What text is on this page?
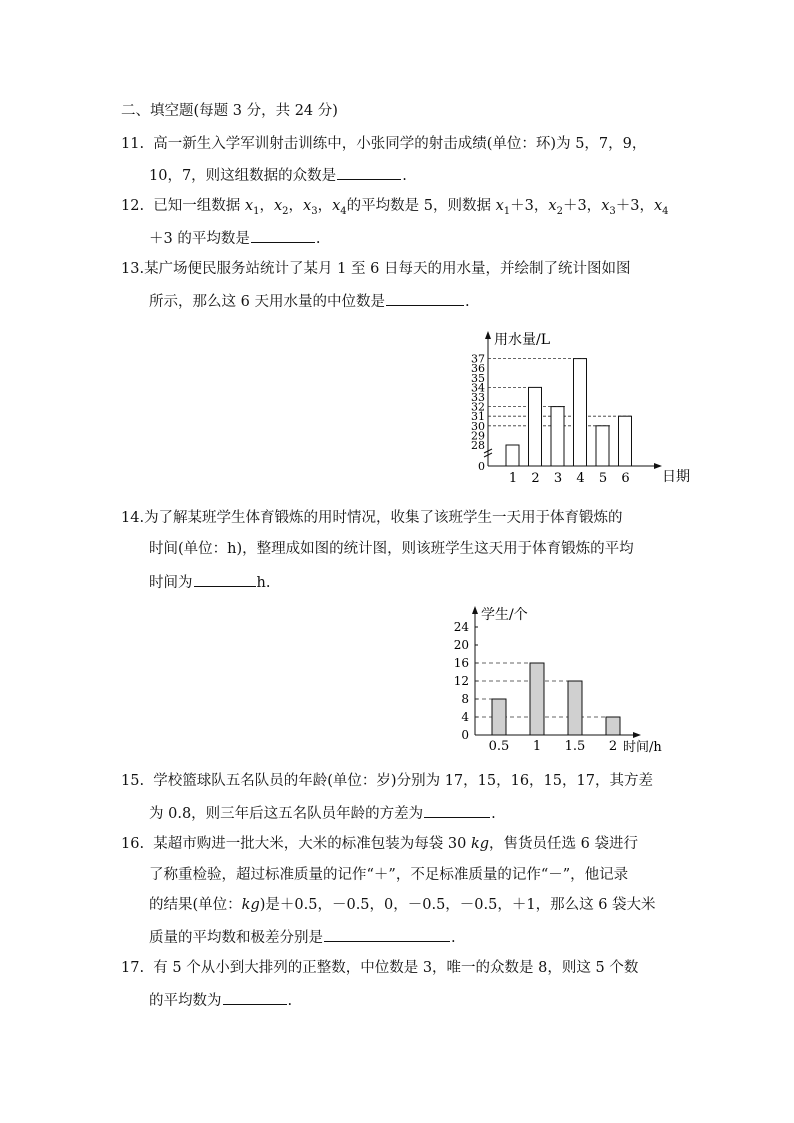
二、填空题(每题 3 分，共 24 分)
11. 高一新生入学军训射击训练中，小张同学的射击成绩(单位：环)为 5，7，9，
10，7，则这组数据的众数是	.
12. 已知一组数据 $x_1$，$x_2$，$x_3$，$x_4$的平均数是 5，则数据 $x_1+3$，$x_2+3$，$x_3+3$，$x_4$
＋3 的平均数是	.
13.某广场便民服务站统计了某月 1 至 6 日每天的用水量，并绘制了统计图如图
所示，那么这 6 天用水量的中位数是	.
用水量/L
日期
0
28
29
30
31
32
33
34
35
36
37
1 2 3 4 5 6
14.为了解某班学生体育锻炼的用时情况，收集了该班学生一天用于体育锻炼的
时间(单位：h)，整理成如图的统计图，则该班学生这天用于体育锻炼的平均
时间为	h.
学生/个
时间/h
0
4
8
12
16
20
24
0.5 1 1.5 2
15. 学校篮球队五名队员的年龄(单位：岁)分别为 17，15，16，15，17，其方差
为 0.8，则三年后这五名队员年龄的方差为	.
16. 某超市购进一批大米，大米的标准包装为每袋 30 kg，售货员任选 6 袋进行
了称重检验，超过标准质量的记作“＋”，不足标准质量的记作“－”，他记录
的结果(单位：kg)是＋0.5，－0.5，0，－0.5，－0.5，＋1，那么这 6 袋大米
质量的平均数和极差分别是	.
17. 有 5 个从小到大排列的正整数，中位数是 3，唯一的众数是 8，则这 5 个数
的平均数为	.
